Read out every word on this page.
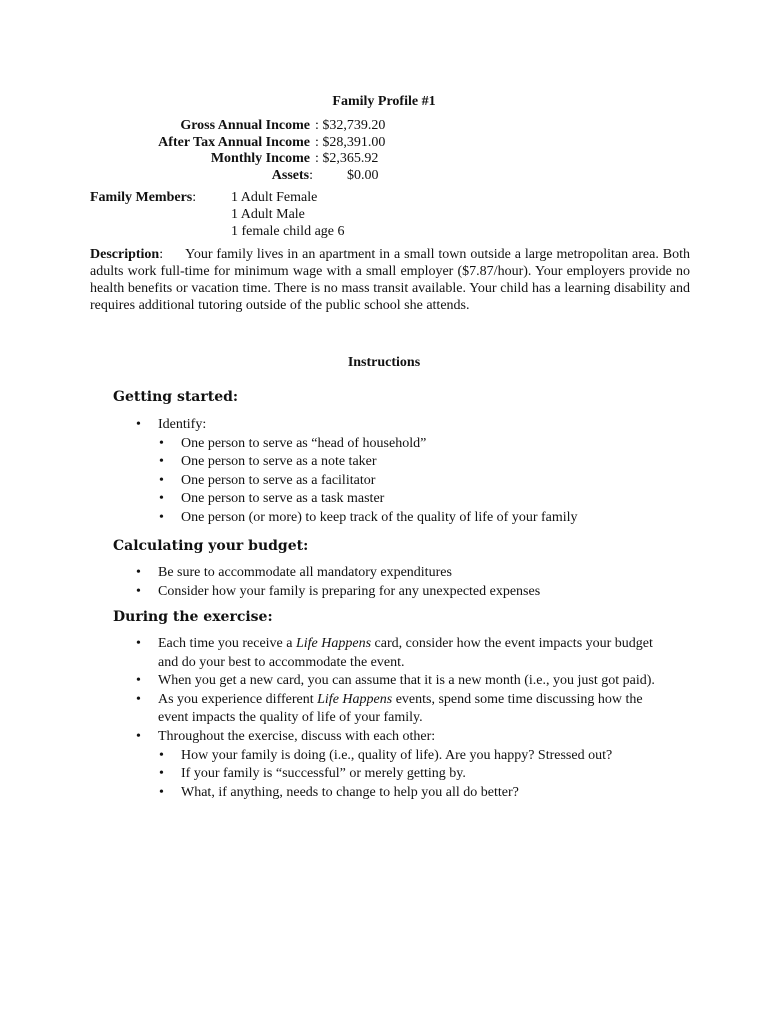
Family Profile #1
Gross Annual Income : $32,739.20
After Tax Annual Income : $28,391.00
Monthly Income : $2,365.92
Assets: $0.00
Family Members: 1 Adult Female
1 Adult Male
1 female child age 6
Description: Your family lives in an apartment in a small town outside a large metropolitan area. Both adults work full-time for minimum wage with a small employer ($7.87/hour). Your employers provide no health benefits or vacation time. There is no mass transit available. Your child has a learning disability and requires additional tutoring outside of the public school she attends.
Instructions
Getting started:
• Identify:
• One person to serve as “head of household”
• One person to serve as a note taker
• One person to serve as a facilitator
• One person to serve as a task master
• One person (or more) to keep track of the quality of life of your family
Calculating your budget:
• Be sure to accommodate all mandatory expenditures
• Consider how your family is preparing for any unexpected expenses
During the exercise:
• Each time you receive a Life Happens card, consider how the event impacts your budget and do your best to accommodate the event.
• When you get a new card, you can assume that it is a new month (i.e., you just got paid).
• As you experience different Life Happens events, spend some time discussing how the event impacts the quality of life of your family.
• Throughout the exercise, discuss with each other:
• How your family is doing (i.e., quality of life). Are you happy? Stressed out?
• If your family is “successful” or merely getting by.
• What, if anything, needs to change to help you all do better?
